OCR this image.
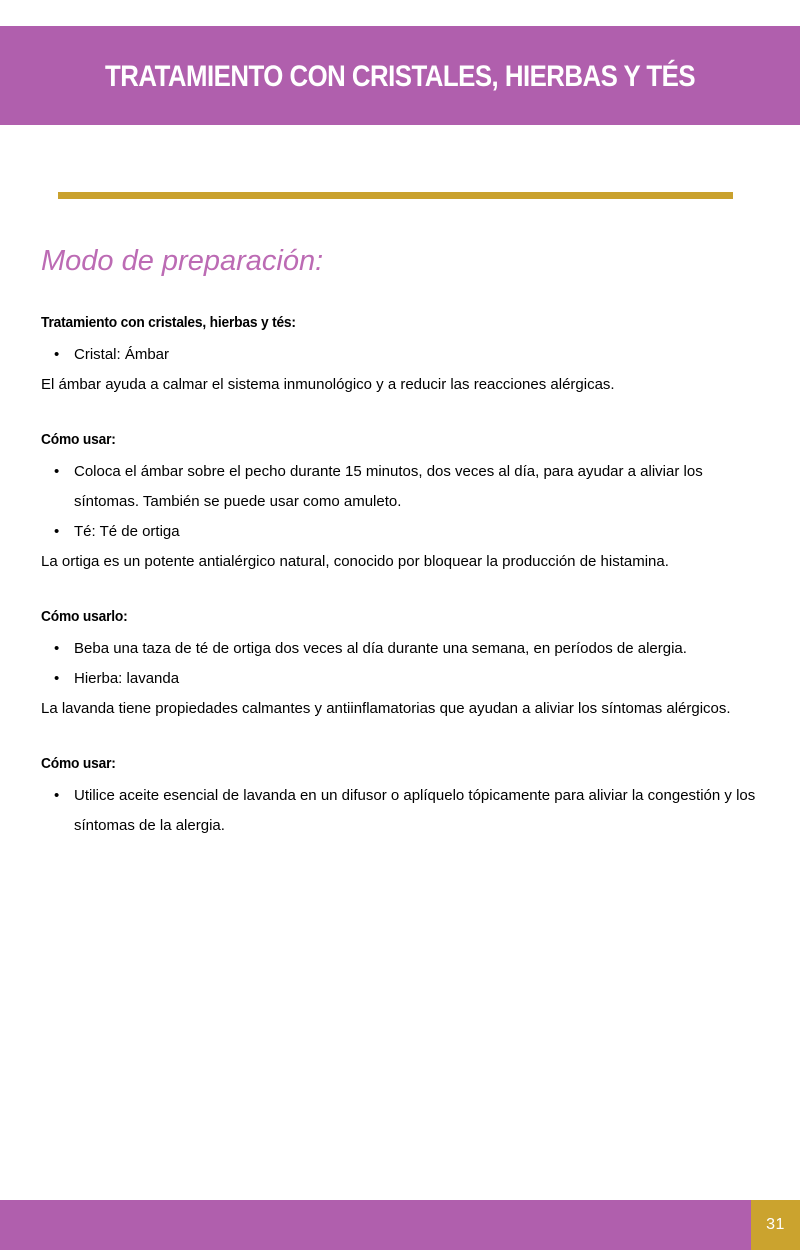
TRATAMIENTO CON CRISTALES, HIERBAS Y TÉS
Modo de preparación:
Tratamiento con cristales, hierbas y tés:
• Cristal: Ámbar

El ámbar ayuda a calmar el sistema inmunológico y a reducir las reacciones alérgicas.

Cómo usar:
• Coloca el ámbar sobre el pecho durante 15 minutos, dos veces al día, para ayudar a aliviar los síntomas. También se puede usar como amuleto.
• Té: Té de ortiga

La ortiga es un potente antialérgico natural, conocido por bloquear la producción de histamina.

Cómo usarlo:
• Beba una taza de té de ortiga dos veces al día durante una semana, en períodos de alergia.
• Hierba: lavanda

La lavanda tiene propiedades calmantes y antiinflamatorias que ayudan a aliviar los síntomas alérgicos.

Cómo usar:
• Utilice aceite esencial de lavanda en un difusor o aplíquelo tópicamente para aliviar la congestión y los síntomas de la alergia.
31
